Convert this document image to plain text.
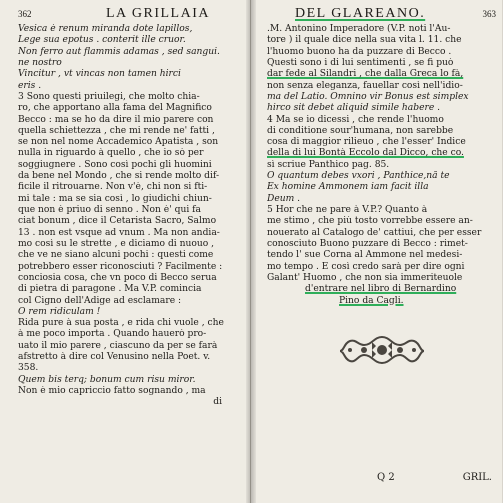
362	LA GRILLAIA
Vesica è renum miranda dote lapillos,
Lege sua epotus . conterit ille cruor.
Non ferro aut flammis adamas , sed sangui.
ne nostro
Vincitur , vt vincas non tamen hirci
eris .
3 Sono questi priuilegi, che molto chia-
ro, che apportano alla fama del Magnifico
Becco : ma se ho da dire il mio parere con
quella schiettezza , che mi rende ne' fatti ,
se non nel nome Accademico Apatista , son
nulla in riguardo à quello , che io sò per
soggiugnere . Sono così pochi gli huomini
da bene nel Mondo , che si rende molto dif-
ficile il ritrouarne. Non v'è, chi non si fti-
mi tale : ma se sia così , lo giudichi chiun-
que non è priuo di senno . Non è' qui fa
ciat bonum , dice il Cetarista Sacro, Salmo
13 . non est vsque ad vnum . Ma non andia-
mo così su le strette , e diciamo di nuouo ,
che ve ne siano alcuni pochi : questi come
potrebbero esser riconosciuti ? Facilmente :
conciosia cosa, che vn poco di Becco serua
di pietra di paragone . Ma V.P. comincia
col Cigno dell'Adige ad esclamare :
O rem ridiculam !
Rida pure à sua posta , e rida chi vuole , che
à me poco importa . Quando hauerò pro-
uato il mio parere , ciascuno da per se farà
afstretto à dire col Venusino nella Poet. v.
358.
Quem bis terq; bonum cum risu miror.
Non è mio capriccio fatto sognando , ma
di
DEL GLAREANO.	363
.M. Antonino Imperadore (V.P. noti l'Au-
tore ) il quale dice nella sua vita l. 11. che
l'huomo buono ha da puzzare di Becco .
Questi sono i di lui sentimenti , se fi può
dar fede al Silandri , che dalla Greca lo fà,
non senza eleganza, fauellar così nell'idio-
ma del Latio. Omnino vir Bonus est simplex
hirco sit debet aliquid simile habere .
4 Ma se io dicessi , che rende l'huomo
di conditione sour'humana, non sarebbe
cosa di maggior rilieuo , che l'esser' Indice
della di lui Bontà Eccolo dal Dicco, che co.
sì scriue Panthico pag. 85.
O quantum debes vxori , Panthice,nã te
Ex homine Ammonem iam facit illa
Deum .
5 Hor che ne pare à V.P.? Quanto à
me stimo , che più tosto vorrebbe essere an-
nouerato al Catalogo de' cattiui, che per esser
conosciuto Buono puzzare di Becco : rimet-
tendo l' sue Corna al Ammone nel medesi-
mo tempo . E così credo sarà per dire ogni
Galant' Huomo , che non sia immeriteuole
d'entrare nel libro di Bernardino
Pino da Cagli.
Q 2	GRIL.
